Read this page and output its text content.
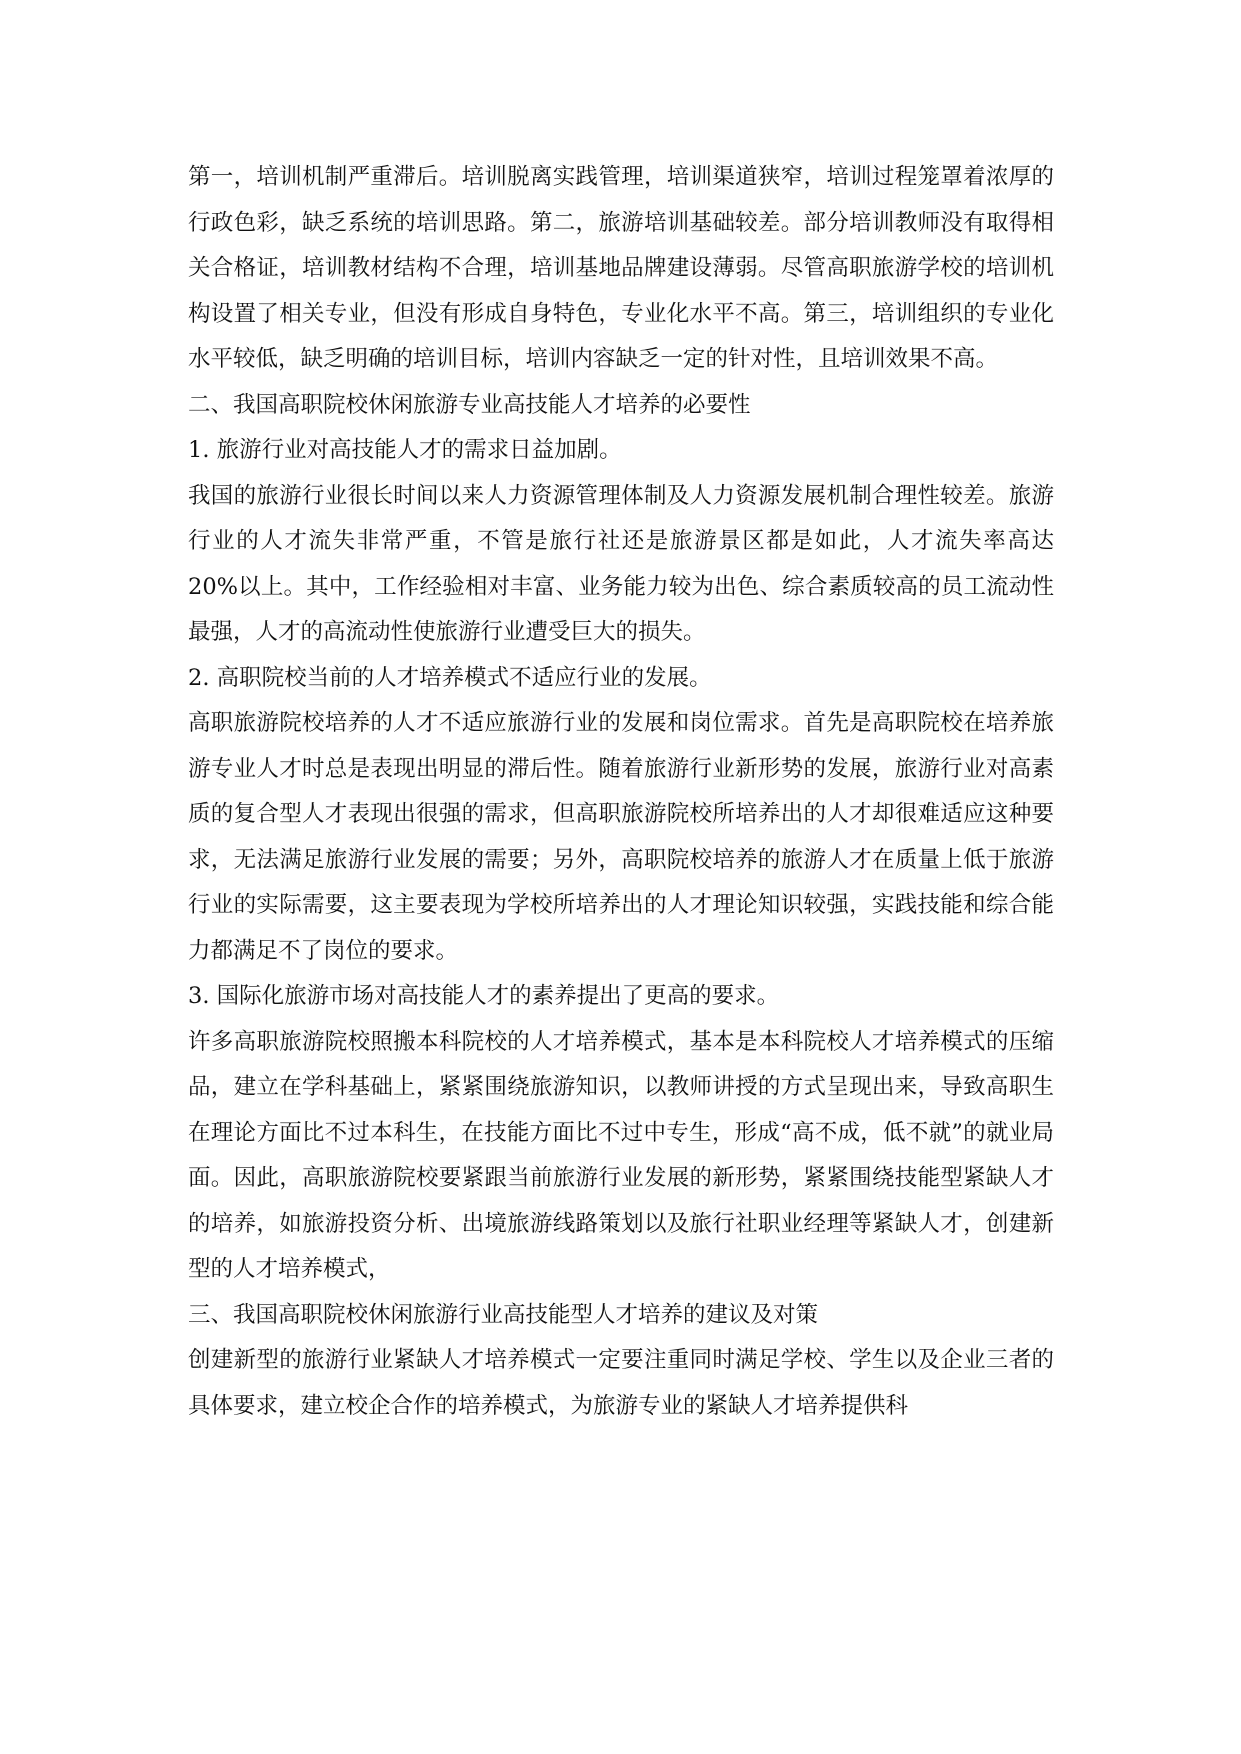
第一，培训机制严重滞后。培训脱离实践管理，培训渠道狭窄，培训过程笼罩着浓厚的行政色彩，缺乏系统的培训思路。第二，旅游培训基础较差。部分培训教师没有取得相关合格证，培训教材结构不合理，培训基地品牌建设薄弱。尽管高职旅游学校的培训机构设置了相关专业，但没有形成自身特色，专业化水平不高。第三，培训组织的专业化水平较低，缺乏明确的培训目标，培训内容缺乏一定的针对性，且培训效果不高。

二、我国高职院校休闲旅游专业高技能人才培养的必要性

1. 旅游行业对高技能人才的需求日益加剧。

我国的旅游行业很长时间以来人力资源管理体制及人力资源发展机制合理性较差。旅游行业的人才流失非常严重，不管是旅行社还是旅游景区都是如此，人才流失率高达 20%以上。其中，工作经验相对丰富、业务能力较为出色、综合素质较高的员工流动性最强，人才的高流动性使旅游行业遭受巨大的损失。

2. 高职院校当前的人才培养模式不适应行业的发展。

高职旅游院校培养的人才不适应旅游行业的发展和岗位需求。首先是高职院校在培养旅游专业人才时总是表现出明显的滞后性。随着旅游行业新形势的发展，旅游行业对高素质的复合型人才表现出很强的需求，但高职旅游院校所培养出的人才却很难适应这种要求，无法满足旅游行业发展的需要；另外，高职院校培养的旅游人才在质量上低于旅游行业的实际需要，这主要表现为学校所培养出的人才理论知识较强，实践技能和综合能力都满足不了岗位的要求。

3. 国际化旅游市场对高技能人才的素养提出了更高的要求。

许多高职旅游院校照搬本科院校的人才培养模式，基本是本科院校人才培养模式的压缩品，建立在学科基础上，紧紧围绕旅游知识，以教师讲授的方式呈现出来，导致高职生在理论方面比不过本科生，在技能方面比不过中专生，形成“高不成，低不就”的就业局面。因此，高职旅游院校要紧跟当前旅游行业发展的新形势，紧紧围绕技能型紧缺人才的培养，如旅游投资分析、出境旅游线路策划以及旅行社职业经理等紧缺人才，创建新型的人才培养模式，

三、我国高职院校休闲旅游行业高技能型人才培养的建议及对策

创建新型的旅游行业紧缺人才培养模式一定要注重同时满足学校、学生以及企业三者的具体要求，建立校企合作的培养模式，为旅游专业的紧缺人才培养提供科
